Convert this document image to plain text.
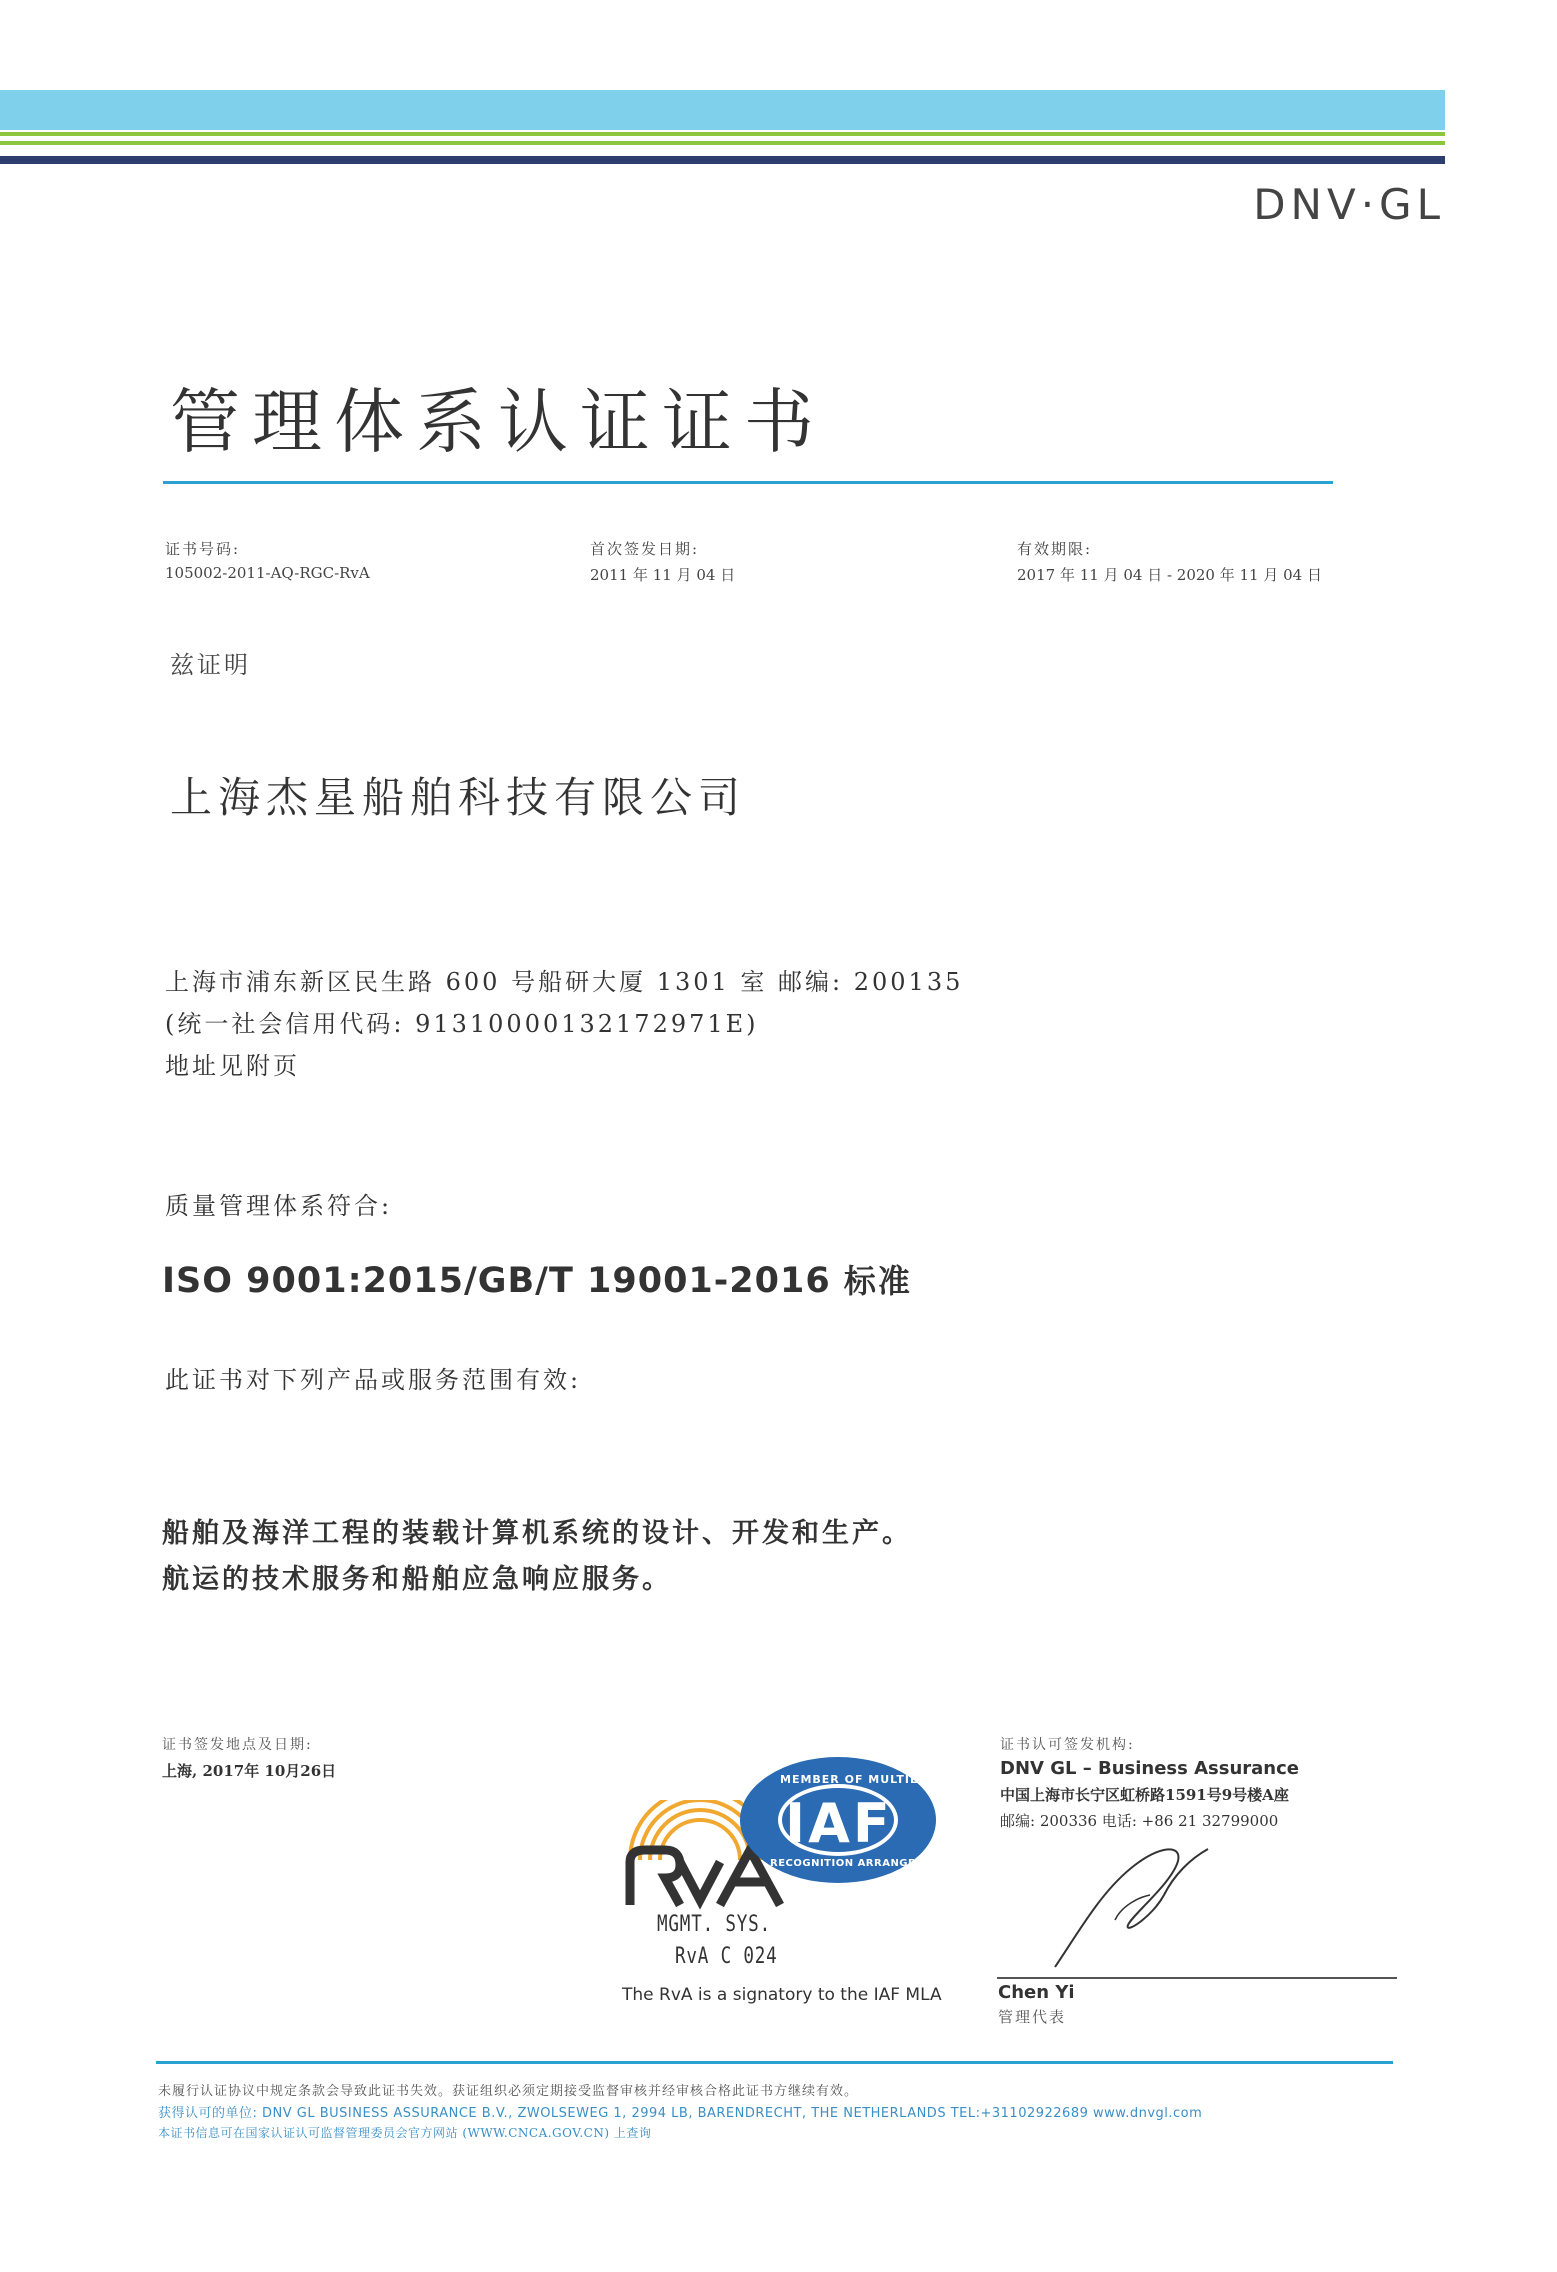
DNV·GL
管理体系认证证书
证书号码:
105002-2011-AQ-RGC-RvA
首次签发日期:
2011 年 11 月 04 日
有效期限:
2017 年 11 月 04 日 - 2020 年 11 月 04 日
兹证明
上海杰星船舶科技有限公司
上海市浦东新区民生路 600 号船研大厦 1301 室 邮编: 200135
(统一社会信用代码: 91310000132172971E)
地址见附页
质量管理体系符合:
ISO 9001:2015/GB/T 19001-2016 标准
此证书对下列产品或服务范围有效:
船舶及海洋工程的装载计算机系统的设计、开发和生产。
航运的技术服务和船舶应急响应服务。
证书签发地点及日期:
上海, 2017年 10月26日
证书认可签发机构:
DNV GL – Business Assurance
中国上海市长宁区虹桥路1591号9号楼A座
邮编: 200336 电话: +86 21 32799000
MGMT. SYS.
RvA C 024
MEMBER OF MULTILATERAL
RECOGNITION ARRANGEMENT
IAF
The RvA is a signatory to the IAF MLA	Chen Yi
管理代表
未履行认证协议中规定条款会导致此证书失效。获证组织必须定期接受监督审核并经审核合格此证书方继续有效。
获得认可的单位: DNV GL BUSINESS ASSURANCE B.V., ZWOLSEWEG 1, 2994 LB, BARENDRECHT, THE NETHERLANDS TEL:+31102922689 www.dnvgl.com
本证书信息可在国家认证认可监督管理委员会官方网站 (WWW.CNCA.GOV.CN) 上查询
